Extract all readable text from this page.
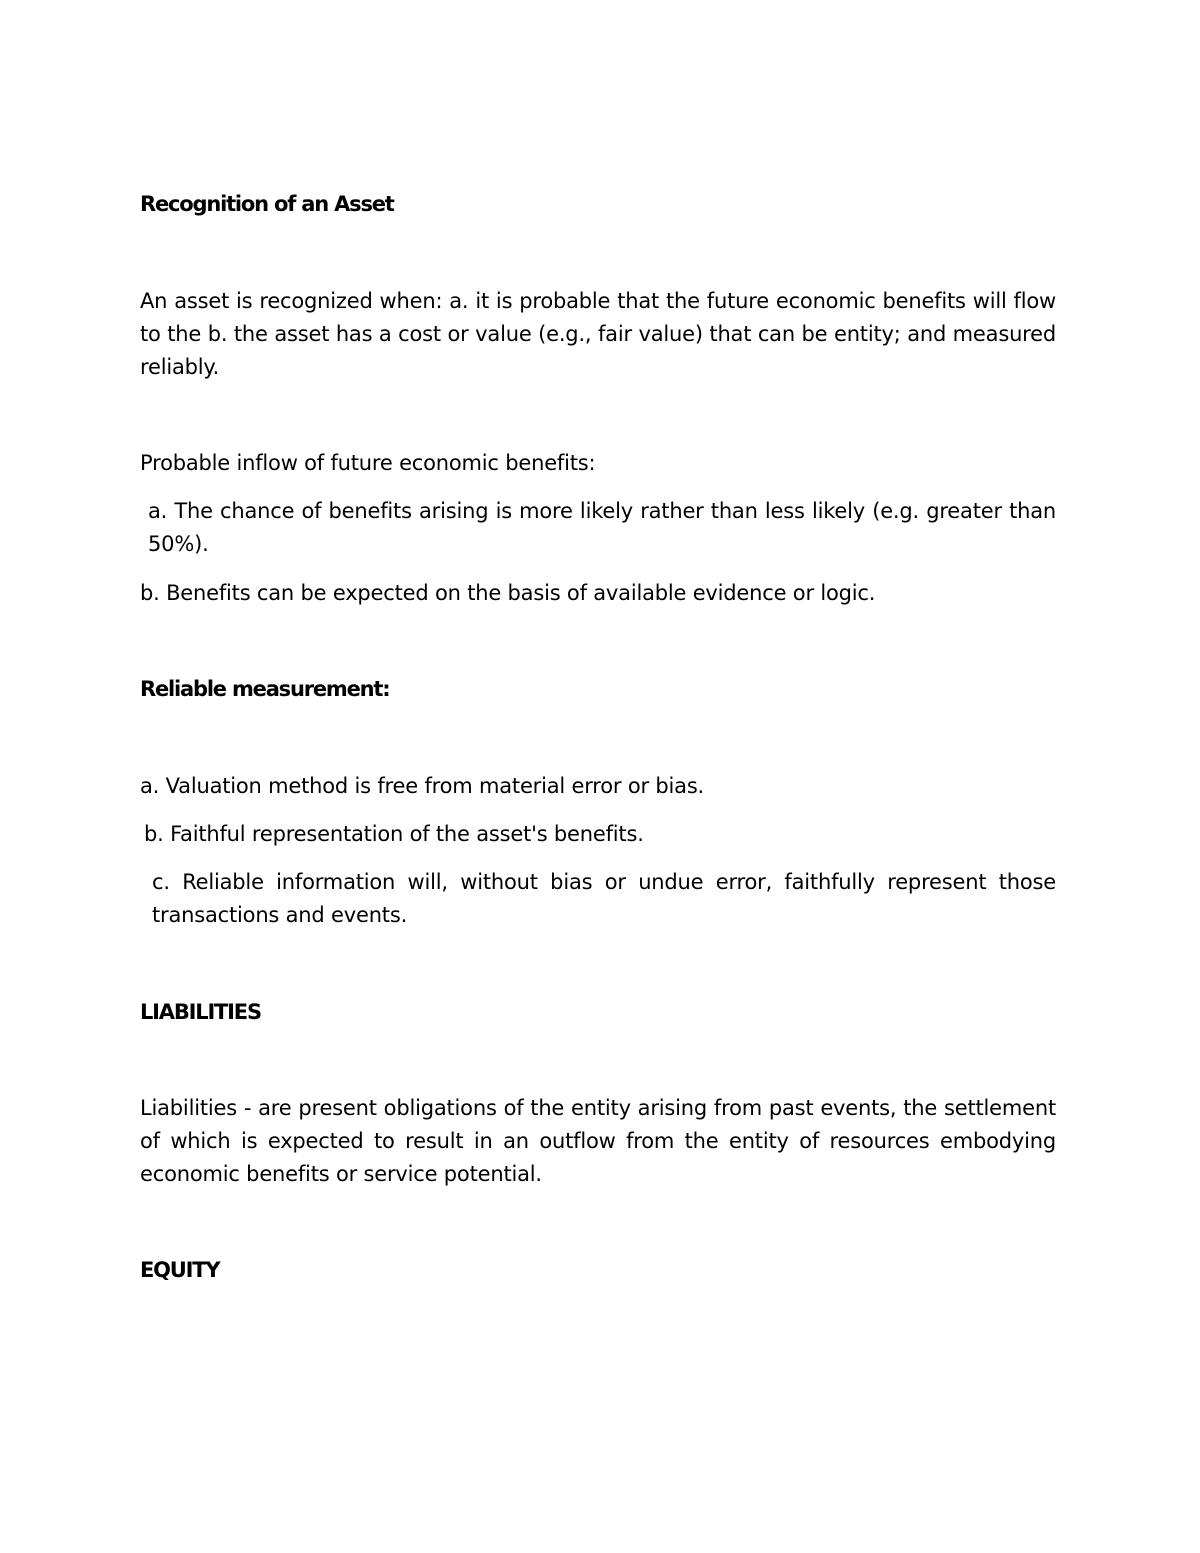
Recognition of an Asset

An asset is recognized when: a. it is probable that the future economic benefits will flow to the b. the asset has a cost or value (e.g., fair value) that can be entity; and measured reliably.

Probable inflow of future economic benefits:

a. The chance of benefits arising is more likely rather than less likely (e.g. greater than 50%).

b. Benefits can be expected on the basis of available evidence or logic.

Reliable measurement:

a. Valuation method is free from material error or bias.

b. Faithful representation of the asset's benefits.

c. Reliable information will, without bias or undue error, faithfully represent those transactions and events.

LIABILITIES

Liabilities - are present obligations of the entity arising from past events, the settlement of which is expected to result in an outflow from the entity of resources embodying economic benefits or service potential.

EQUITY
